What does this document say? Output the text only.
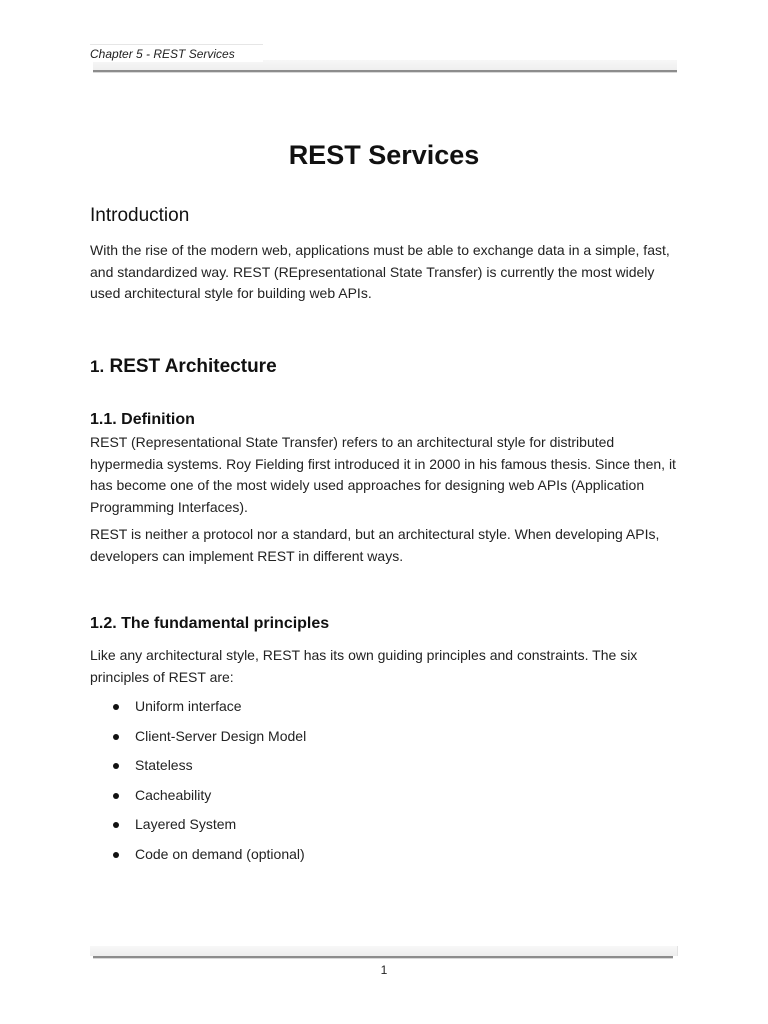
Chapter 5 - REST Services
REST Services
Introduction

With the rise of the modern web, applications must be able to exchange data in a simple, fast,
and standardized way. REST (REpresentational State Transfer) is currently the most widely
used architectural style for building web APIs.

1. REST Architecture
1.1. Definition

REST (Representational State Transfer) refers to an architectural style for distributed
hypermedia systems. Roy Fielding first introduced it in 2000 in his famous thesis. Since then, it
has become one of the most widely used approaches for designing web APIs (Application
Programming Interfaces).

REST is neither a protocol nor a standard, but an architectural style. When developing APIs,
developers can implement REST in different ways.

1.2. The fundamental principles

Like any architectural style, REST has its own guiding principles and constraints. The six
principles of REST are:

Uniform interface
Client-Server Design Model
Stateless
Cacheability
Layered System
Code on demand (optional)
1
